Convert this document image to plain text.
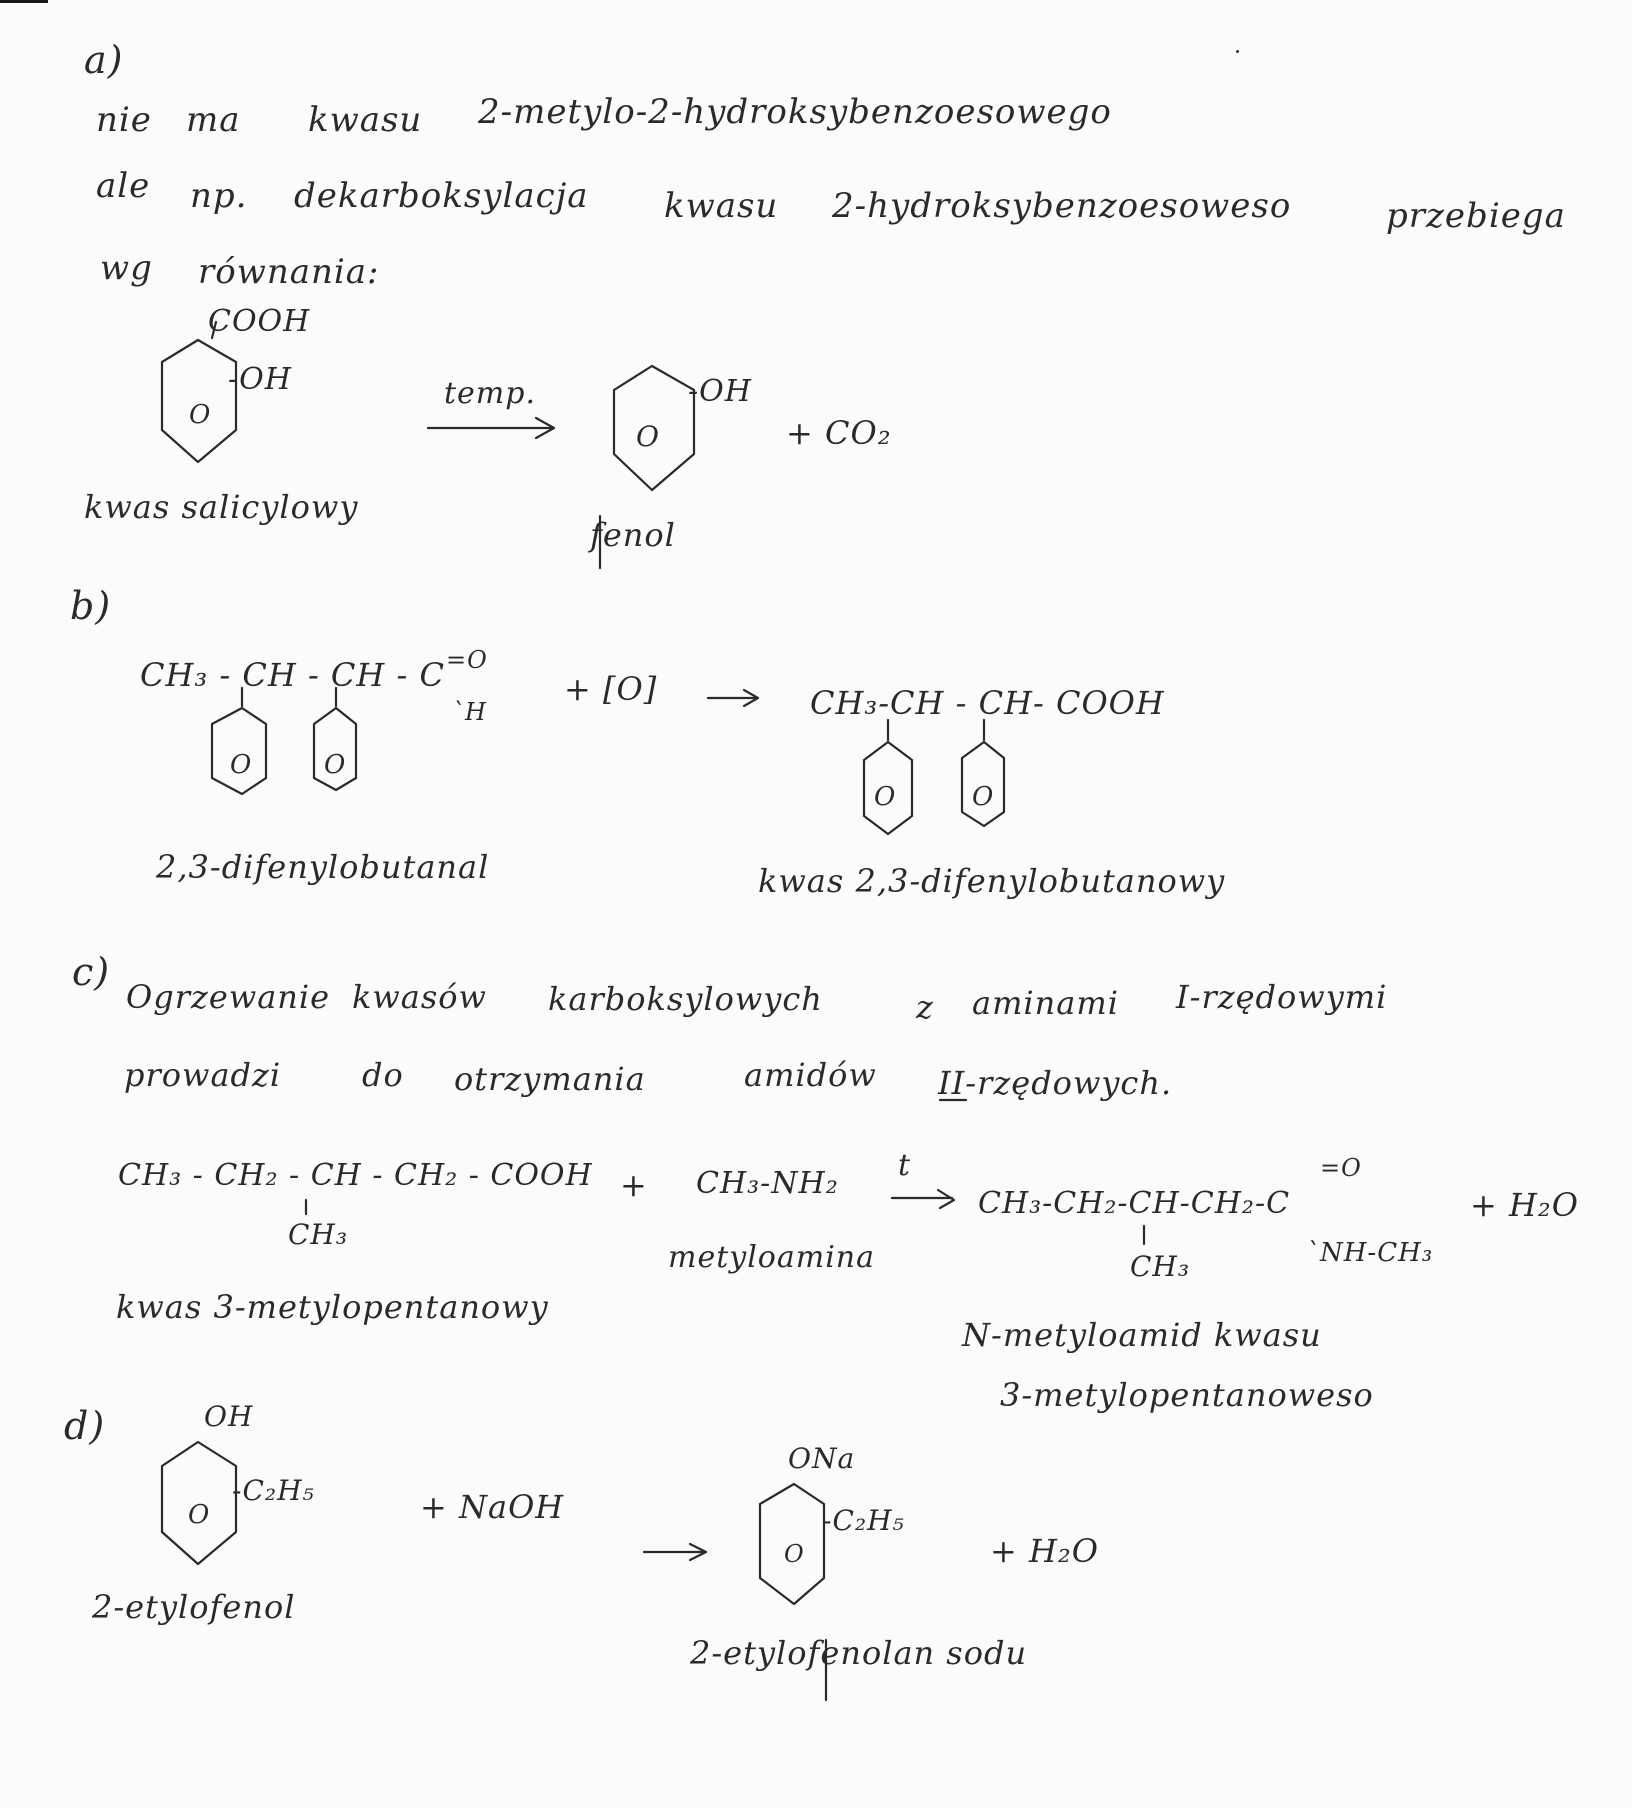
a)
nie ma kwasu 2-metylo-2-hydroksybenzoesowego
ale np. dekarboksylacja kwasu 2-hydroksybenzoesoweso	przebiega
wg równania:
COOH
-OH
O
temp.	-OH
O	+ CO₂
kwas salicylowy
fenol
b)
CH₃ - CH - CH - C =O
`H
O	O
+ [O]	CH₃-CH - CH- COOH
O	O
2,3-difenylobutanal	kwas 2,3-difenylobutanowy
c)
Ogrzewanie kwasów karboksylowych	z aminami I-rzędowymi
prowadzi	do otrzymania	amidów II-rzędowych.
CH₃ - CH₂ - CH - CH₂ - COOH
CH₃
+ CH₃-NH₂
t
CH₃-CH₂-CH-CH₂-C
=O
`NH-CH₃
CH₃
+ H₂O
metyloamina
kwas 3-metylopentanowy
N-metyloamid kwasu
3-metylopentanoweso
d)	OH
-C₂H₅
O	+ NaOH
ONa
-C₂H₅
O	+ H₂O
2-etylofenol
2-etylofenolan sodu
